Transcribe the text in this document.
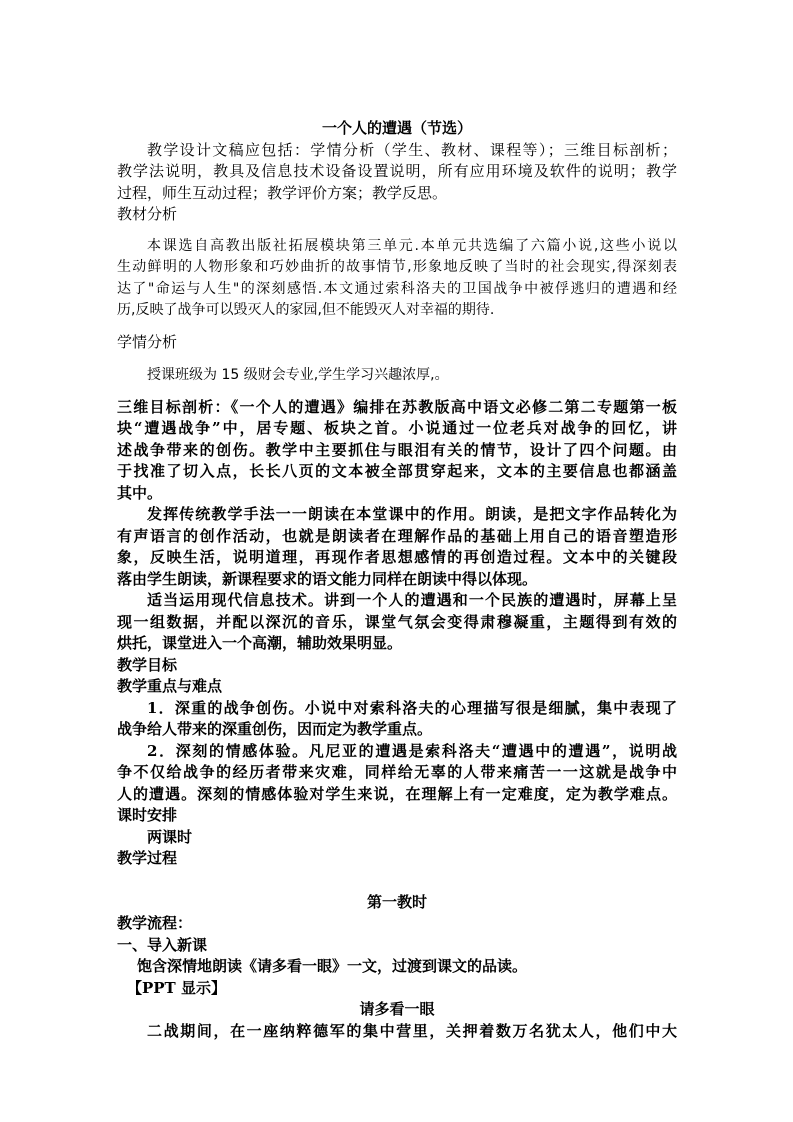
一个人的遭遇（节选）

教学设计文稿应包括：学情分析（学生、教材、课程等）；三维目标剖析；

教学法说明，教具及信息技术设备设置说明，所有应用环境及软件的说明；教学

过程，师生互动过程；教学评价方案；教学反思。

教材分析

本课选自高教出版社拓展模块第三单元.本单元共选编了六篇小说,这些小说以

生动鲜明的人物形象和巧妙曲折的故事情节,形象地反映了当时的社会现实,得深刻表

达了"命运与人生"的深刻感悟.本文通过索科洛夫的卫国战争中被俘逃归的遭遇和经

历,反映了战争可以毁灭人的家园,但不能毁灭人对幸福的期待.

学情分析

授课班级为 15 级财会专业,学生学习兴趣浓厚,。

三维目标剖析：《一个人的遭遇》编排在苏教版高中语文必修二第二专题第一板

块“遭遇战争”中，居专题、板块之首。小说通过一位老兵对战争的回忆，讲

述战争带来的创伤。教学中主要抓住与眼泪有关的情节，设计了四个问题。由

于找准了切入点，长长八页的文本被全部贯穿起来，文本的主要信息也都涵盖

其中。

发挥传统教学手法一一朗读在本堂课中的作用。朗读，是把文字作品转化为

有声语言的创作活动，也就是朗读者在理解作品的基础上用自己的语音塑造形

象，反映生活，说明道理，再现作者思想感情的再创造过程。文本中的关键段

落由学生朗读，新课程要求的语文能力同样在朗读中得以体现。

适当运用现代信息技术。讲到一个人的遭遇和一个民族的遭遇时，屏幕上呈

现一组数据，并配以深沉的音乐，课堂气氛会变得肃穆凝重，主题得到有效的

烘托，课堂进入一个高潮，辅助效果明显。

教学目标

教学重点与难点

1．深重的战争创伤。小说中对索科洛夫的心理描写很是细腻，集中表现了

战争给人带来的深重创伤，因而定为教学重点。

2．深刻的情感体验。凡尼亚的遭遇是索科洛夫“遭遇中的遭遇”，说明战

争不仅给战争的经历者带来灾难，同样给无辜的人带来痛苦一一这就是战争中

人的遭遇。深刻的情感体验对学生来说，在理解上有一定难度，定为教学难点。

课时安排

两课时

教学过程

第一教时

教学流程：

一、导入新课

饱含深情地朗读《请多看一眼》一文，过渡到课文的品读。

【PPT 显示】

请多看一眼

二战期间，在一座纳粹德军的集中营里，关押着数万名犹太人，他们中大
